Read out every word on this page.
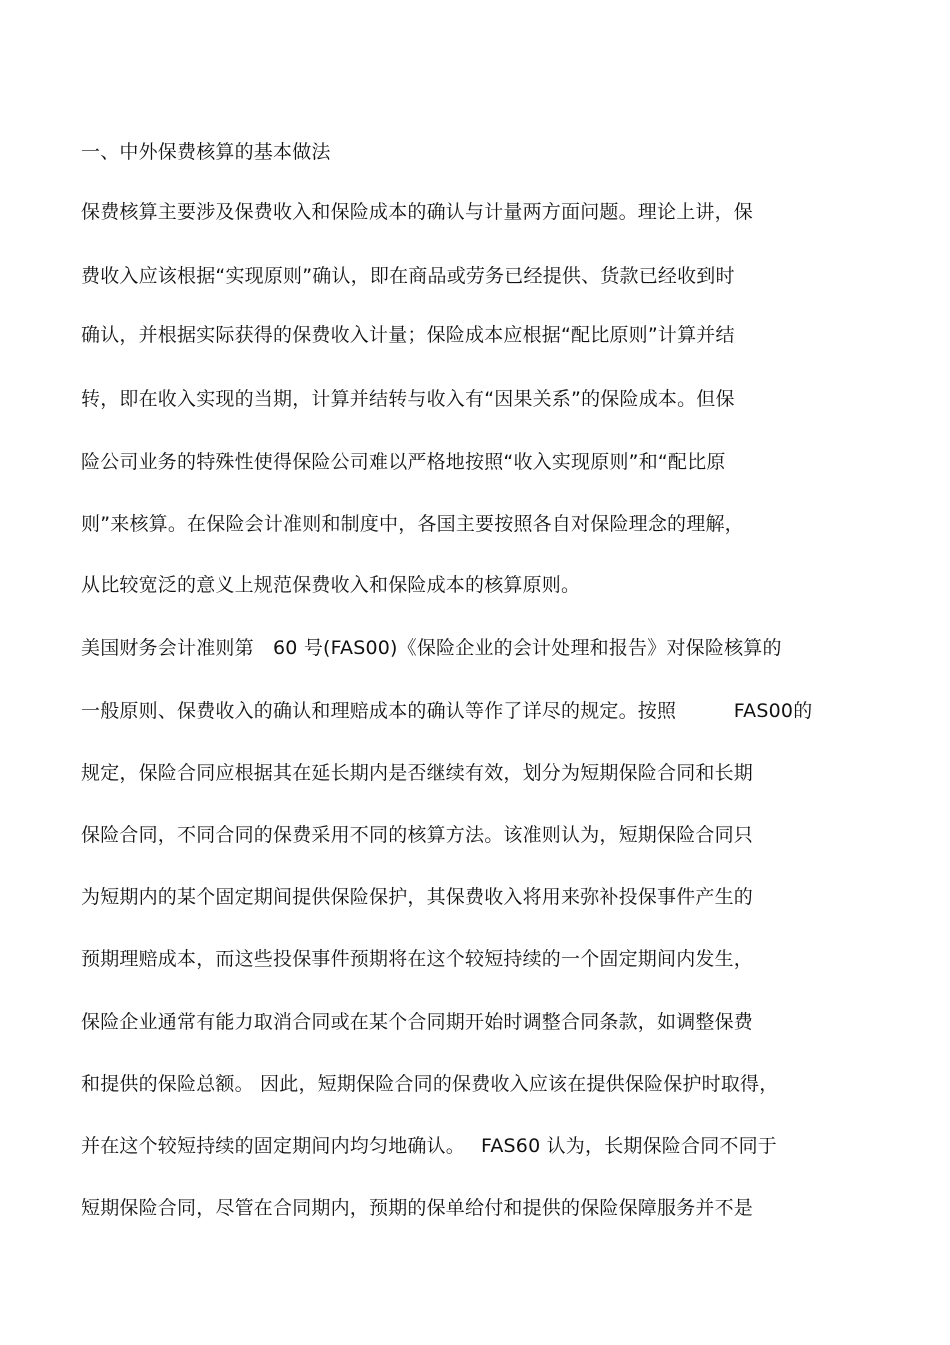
一、中外保费核算的基本做法
保费核算主要涉及保费收入和保险成本的确认与计量两方面问题。理论上讲，保
费收入应该根据“实现原则”确认，即在商品或劳务已经提供、货款已经收到时
确认，并根据实际获得的保费收入计量；保险成本应根据“配比原则”计算并结
转，即在收入实现的当期，计算并结转与收入有“因果关系”的保险成本。但保
险公司业务的特殊性使得保险公司难以严格地按照“收入实现原则”和“配比原
则”来核算。在保险会计准则和制度中，各国主要按照各自对保险理念的理解，
从比较宽泛的意义上规范保费收入和保险成本的核算原则。
美国财务会计准则第　60 号(FAS00)《保险企业的会计处理和报告》对保险核算的
一般原则、保费收入的确认和理赔成本的确认等作了详尽的规定。按照　　　FAS00的
规定，保险合同应根据其在延长期内是否继续有效，划分为短期保险合同和长期
保险合同，不同合同的保费采用不同的核算方法。该准则认为，短期保险合同只
为短期内的某个固定期间提供保险保护，其保费收入将用来弥补投保事件产生的
预期理赔成本，而这些投保事件预期将在这个较短持续的一个固定期间内发生，
保险企业通常有能力取消合同或在某个合同期开始时调整合同条款，如调整保费
和提供的保险总额。 因此，短期保险合同的保费收入应该在提供保险保护时取得，
并在这个较短持续的固定期间内均匀地确认。　 FAS60 认为，长期保险合同不同于
短期保险合同，尽管在合同期内，预期的保单给付和提供的保险保障服务并不是
